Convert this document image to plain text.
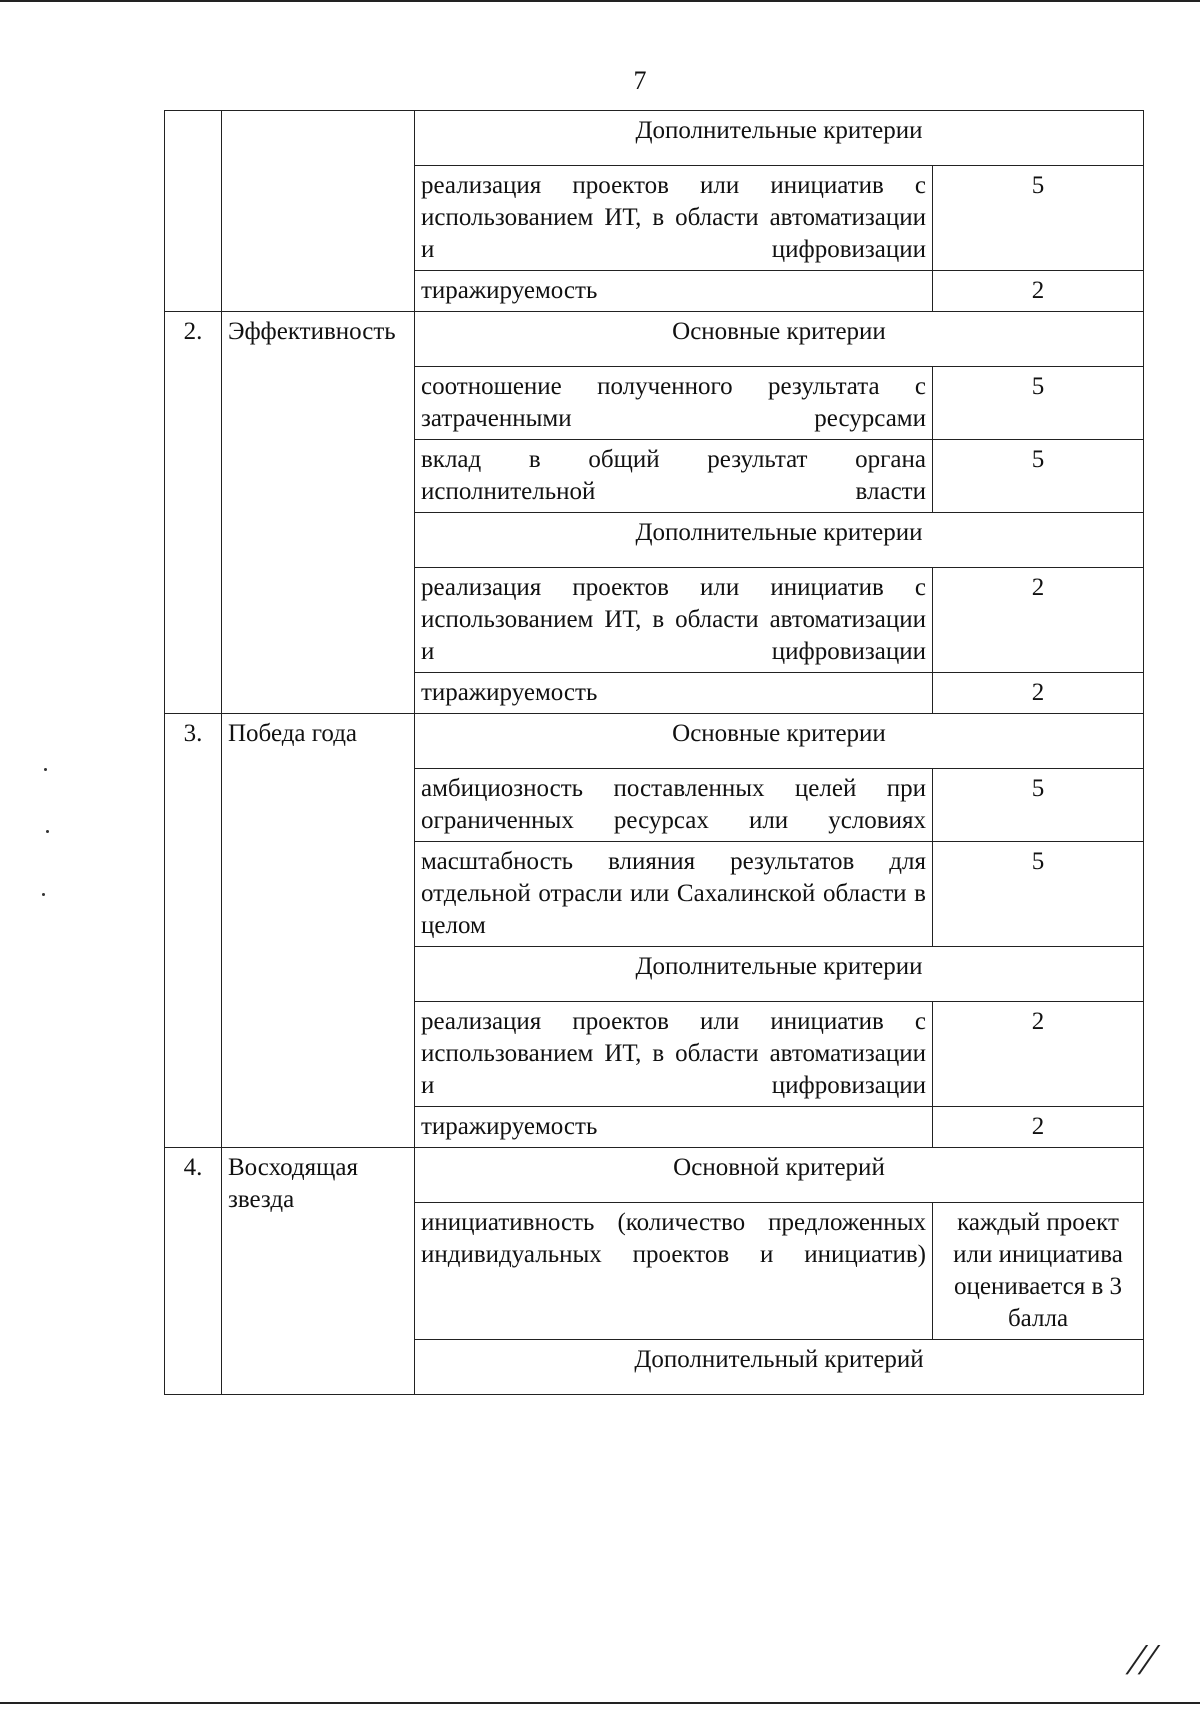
7
		Дополнительные критерии	
		реализация проектов или инициатив с использованием ИТ, в области автоматизации и цифровизации	5
		тиражируемость	2
2.	Эффективность	Основные критерии	
		соотношение полученного результата с затраченными ресурсами	5
		вклад в общий результат органа исполнительной власти	5
		Дополнительные критерии	
		реализация проектов или инициатив с использованием ИТ, в области автоматизации и цифровизации	2
		тиражируемость	2
3.	Победа года	Основные критерии	
		амбициозность поставленных целей при ограниченных ресурсах или условиях	5
		масштабность влияния результатов для отдельной отрасли или Сахалинской области в целом	5
		Дополнительные критерии	
		реализация проектов или инициатив с использованием ИТ, в области автоматизации и цифровизации	2
		тиражируемость	2
4.	Восходящая звезда	Основной критерий	
		инициативность (количество предложенных индивидуальных проектов и инициатив)	каждый проект или инициатива оценивается в 3 балла
		Дополнительный критерий	
//
